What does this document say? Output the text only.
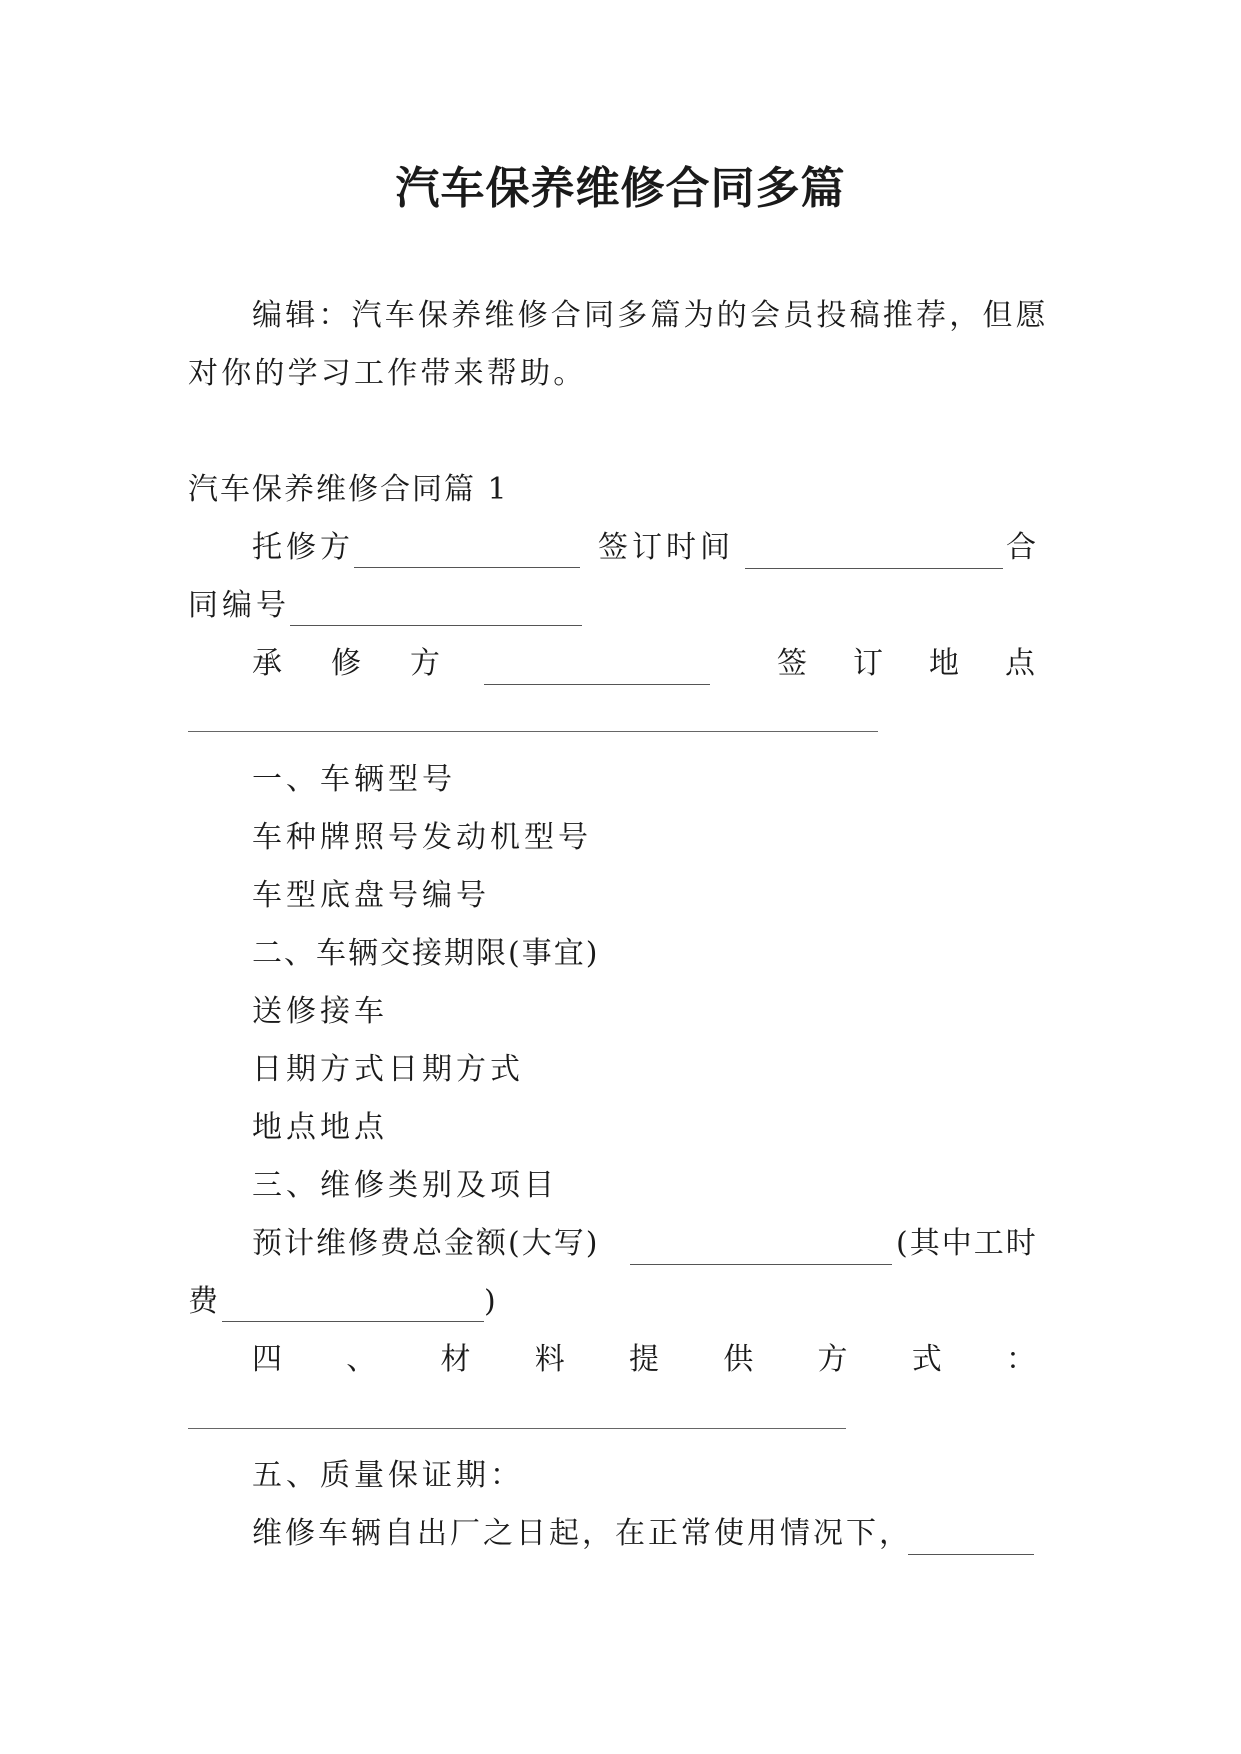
汽车保养维修合同多篇
编辑：汽车保养维修合同多篇为的会员投稿推荐，但愿
对你的学习工作带来帮助。
汽车保养维修合同篇 1
托修方	签订时间	合
同编号
承 修 方	签 订 地 点
一、车辆型号
车种牌照号发动机型号
车型底盘号编号
二、车辆交接期限(事宜)
送修接车
日期方式日期方式
地点地点
三、维修类别及项目
预计维修费总金额(大写)	(其中工时
费	)
四 、 材 料 提 供 方 式 ：
五、质量保证期：
维修车辆自出厂之日起，在正常使用情况下，
